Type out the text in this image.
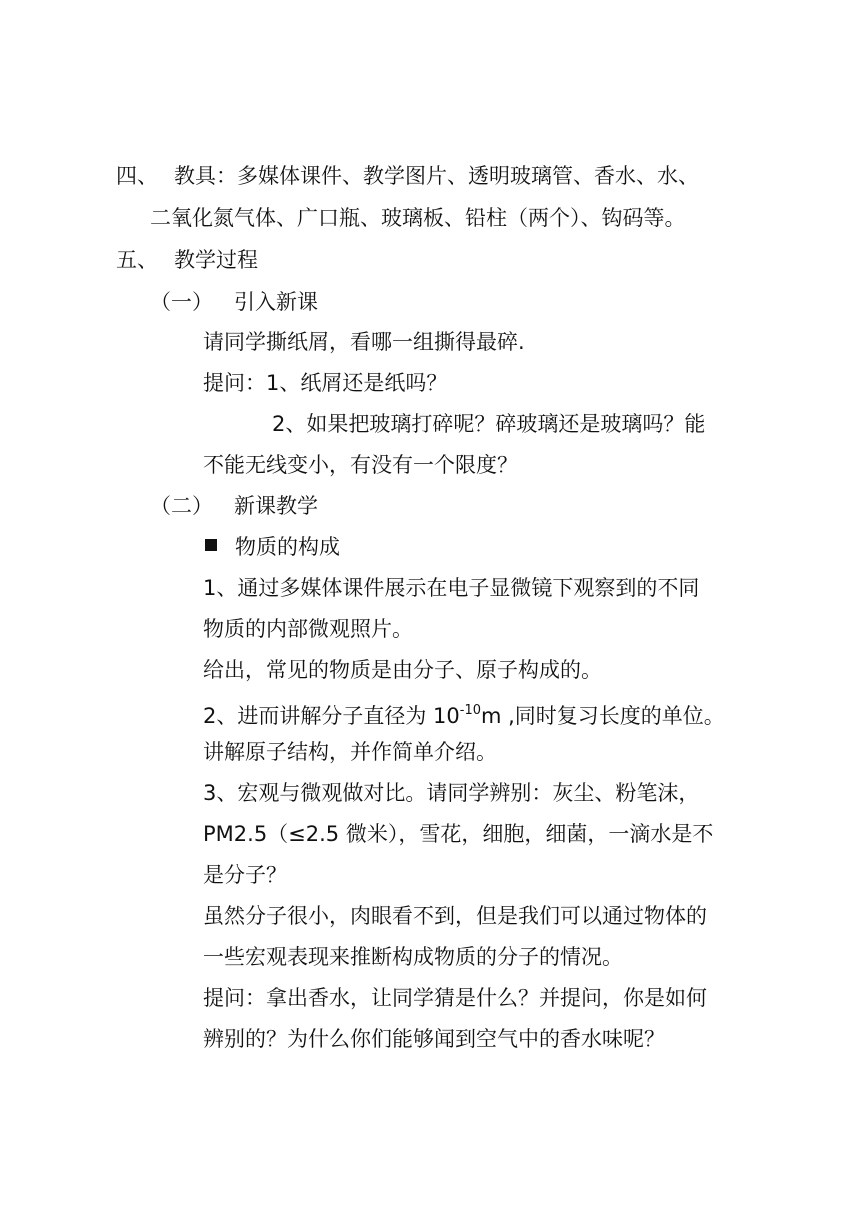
四、 教具：多媒体课件、教学图片、透明玻璃管、香水、水、
二氧化氮气体、广口瓶、玻璃板、铅柱（两个）、钩码等。
五、 教学过程
（一） 引入新课
请同学撕纸屑，看哪一组撕得最碎.
提问：1、纸屑还是纸吗？
2、如果把玻璃打碎呢？碎玻璃还是玻璃吗？能
不能无线变小，有没有一个限度？
（二） 新课教学
物质的构成
1、通过多媒体课件展示在电子显微镜下观察到的不同
物质的内部微观照片。
给出，常见的物质是由分子、原子构成的。
2、进而讲解分子直径为 $10^{-10}m$ ,同时复习长度的单位。
讲解原子结构，并作简单介绍。
3、宏观与微观做对比。请同学辨别：灰尘、粉笔沫，
PM2.5（≤2.5 微米），雪花，细胞，细菌，一滴水是不
是分子？
虽然分子很小，肉眼看不到，但是我们可以通过物体的
一些宏观表现来推断构成物质的分子的情况。
提问：拿出香水，让同学猜是什么？并提问，你是如何
辨别的？为什么你们能够闻到空气中的香水味呢？
